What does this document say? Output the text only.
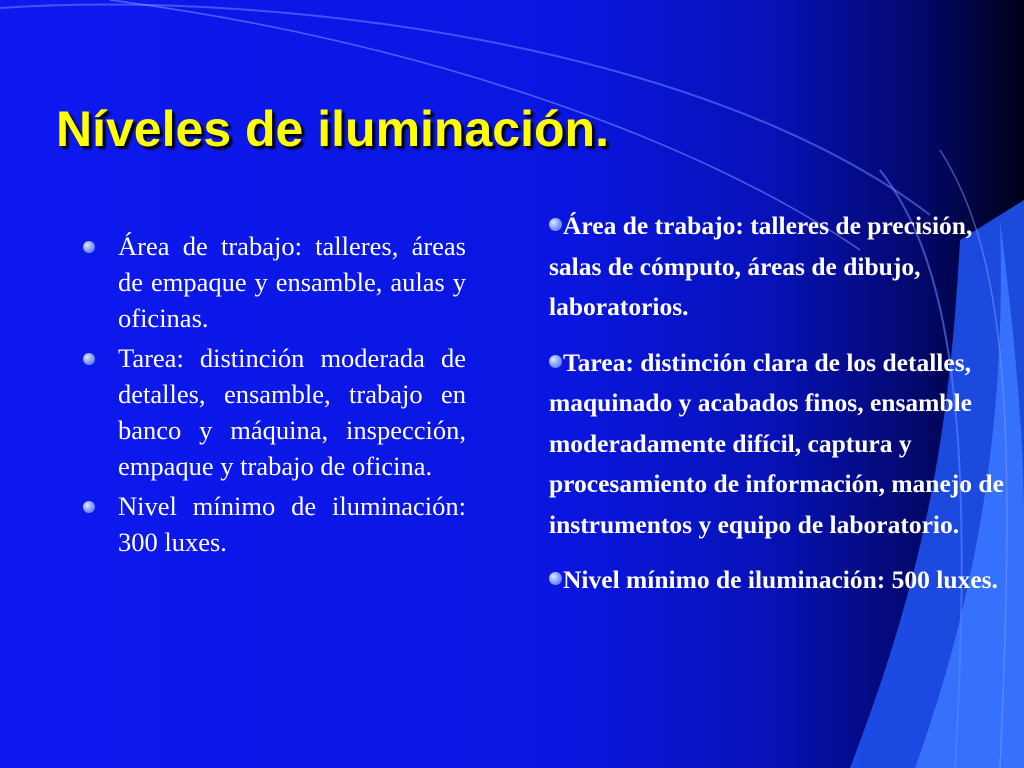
Níveles de iluminación.
Área de trabajo: talleres, áreas de empaque y ensamble, aulas y oficinas.
Tarea: distinción moderada de detalles, ensamble, trabajo en banco y máquina, inspección, empaque y trabajo de oficina.
Nivel mínimo de iluminación: 300 luxes.

Área de trabajo: talleres de precisión, salas de cómputo, áreas de dibujo, laboratorios.

Tarea: distinción clara de los detalles, maquinado y acabados finos, ensamble moderadamente difícil, captura y procesamiento de información, manejo de instrumentos y equipo de laboratorio.

Nivel mínimo de iluminación: 500 luxes.
